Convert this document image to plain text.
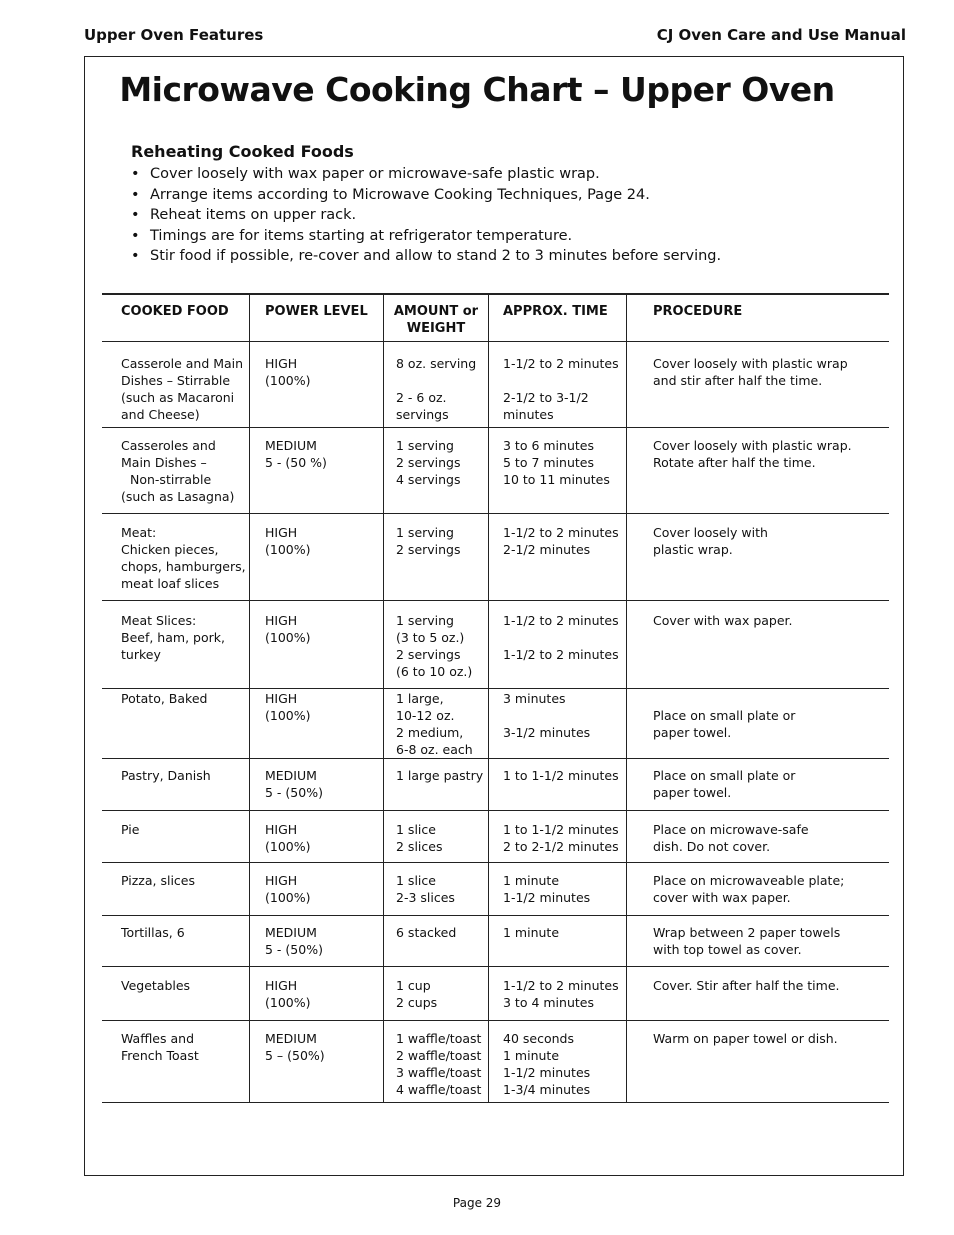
Upper Oven Features	CJ Oven Care and Use Manual
Microwave Cooking Chart – Upper Oven
Reheating Cooked Foods
• Cover loosely with wax paper or microwave-safe plastic wrap.
• Arrange items according to Microwave Cooking Techniques, Page 24.
• Reheat items on upper rack.
• Timings are for items starting at refrigerator temperature.
• Stir food if possible, re-cover and allow to stand 2 to 3 minutes before serving.
COOKED FOOD	POWER LEVEL	AMOUNT or WEIGHT	APPROX. TIME	PROCEDURE

Casserole and Main
Dishes – Stirrable
(such as Macaroni
and Cheese)	HIGH
(100%)	8 oz. serving
2 - 6 oz.
servings	1-1/2 to 2 minutes
2-1/2 to 3-1/2
minutes	Cover loosely with plastic wrap
and stir after half the time.

Casseroles and
Main Dishes –
Non-stirrable
(such as Lasagna)	MEDIUM
5 - (50 %)	1 serving
2 servings
4 servings	3 to 6 minutes
5 to 7 minutes
10 to 11 minutes	Cover loosely with plastic wrap.
Rotate after half the time.

Meat:
Chicken pieces,
chops, hamburgers,
meat loaf slices	HIGH
(100%)	1 serving
2 servings	1-1/2 to 2 minutes
2-1/2 minutes	Cover loosely with
plastic wrap.

Meat Slices:
Beef, ham, pork,
turkey	HIGH
(100%)	1 serving
(3 to 5 oz.)
2 servings
(6 to 10 oz.)	1-1/2 to 2 minutes
1-1/2 to 2 minutes	Cover with wax paper.

Potato, Baked	HIGH
(100%)	1 large,
10-12 oz.
2 medium,
6-8 oz. each	3 minutes
3-1/2 minutes	Place on small plate or
paper towel.

Pastry, Danish	MEDIUM
5 - (50%)	1 large pastry	1 to 1-1/2 minutes	Place on small plate or
paper towel.

Pie	HIGH
(100%)	1 slice
2 slices	1 to 1-1/2 minutes
2 to 2-1/2 minutes	Place on microwave-safe
dish. Do not cover.

Pizza, slices	HIGH
(100%)	1 slice
2-3 slices	1 minute
1-1/2 minutes	Place on microwaveable plate;
cover with wax paper.

Tortillas, 6	MEDIUM
5 - (50%)	6 stacked	1 minute	Wrap between 2 paper towels
with top towel as cover.

Vegetables	HIGH
(100%)	1 cup
2 cups	1-1/2 to 2 minutes
3 to 4 minutes	Cover. Stir after half the time.

Waffles and
French Toast	MEDIUM
5 – (50%)	1 waffle/toast
2 waffle/toast
3 waffle/toast
4 waffle/toast	40 seconds
1 minute
1-1/2 minutes
1-3/4 minutes	Warm on paper towel or dish.
Page 29
